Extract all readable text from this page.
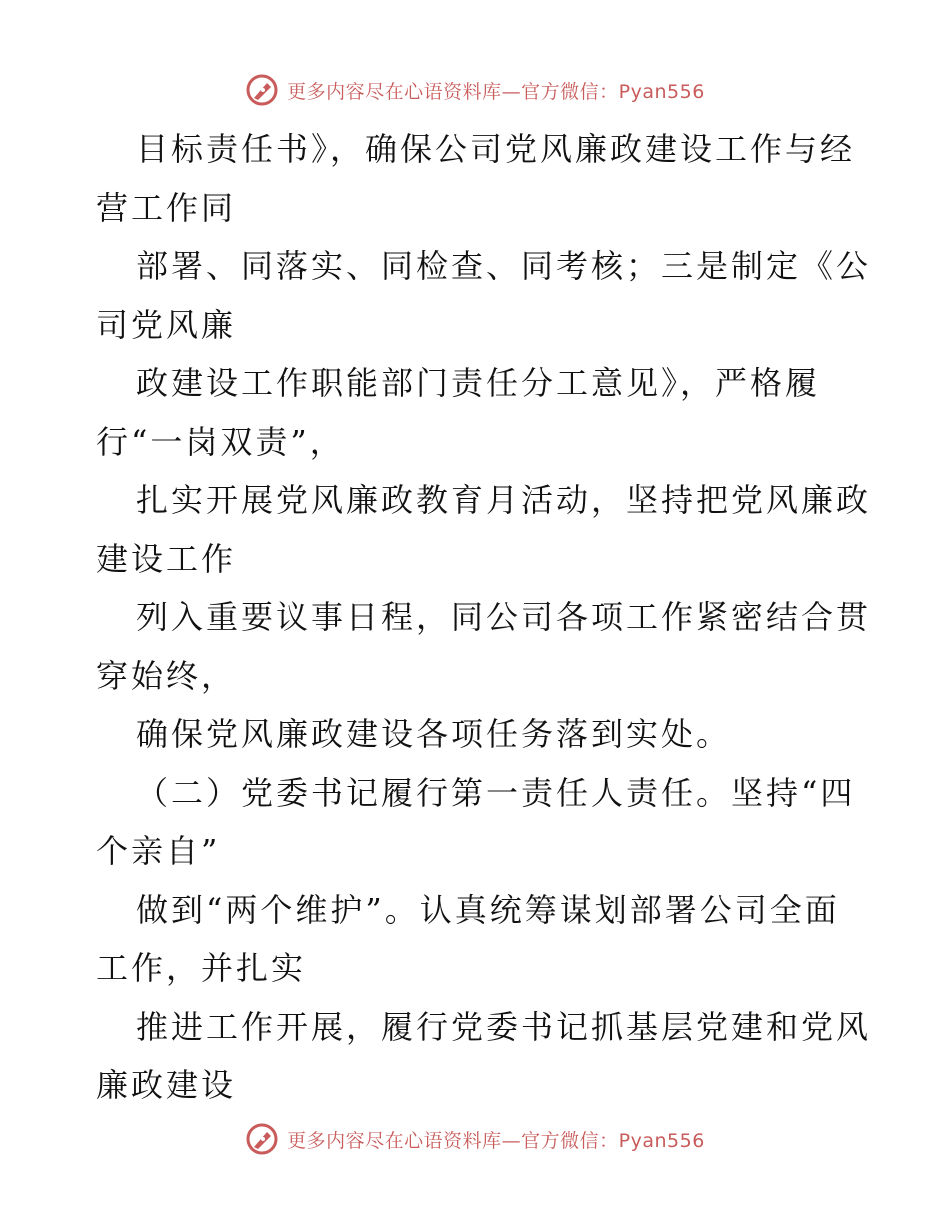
更多内容尽在心语资料库—官方微信：Pyan556
目标责任书》，确保公司党风廉政建设工作与经
营工作同
部署、同落实、同检查、同考核；三是制定《公
司党风廉
政建设工作职能部门责任分工意见》，严格履
行“一岗双责”，
扎实开展党风廉政教育月活动，坚持把党风廉政
建设工作
列入重要议事日程，同公司各项工作紧密结合贯
穿始终，
确保党风廉政建设各项任务落到实处。
（二）党委书记履行第一责任人责任。坚持“四
个亲自”
做到“两个维护”。认真统筹谋划部署公司全面
工作，并扎实
推进工作开展，履行党委书记抓基层党建和党风
廉政建设
更多内容尽在心语资料库—官方微信：Pyan556
